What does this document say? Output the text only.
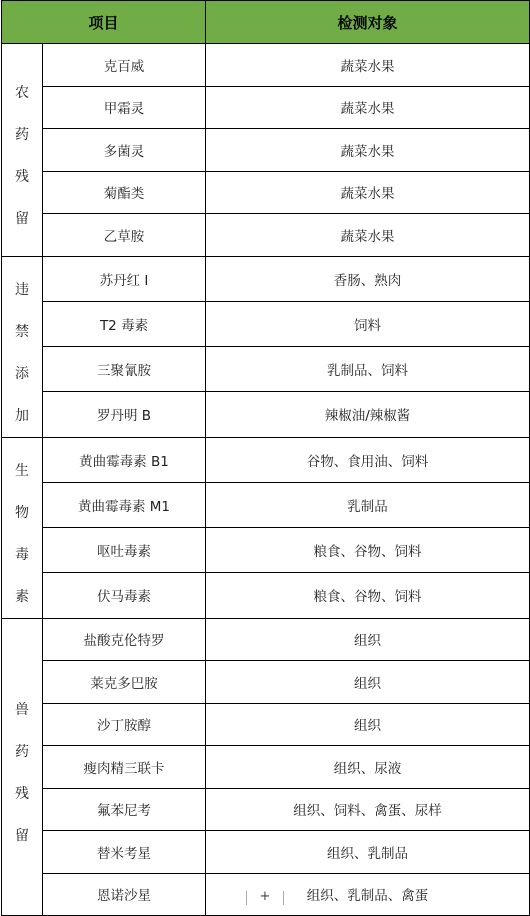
项目		检测对象

农
药
残
留	克百威	蔬菜水果
	甲霜灵	蔬菜水果
	多菌灵	蔬菜水果
	菊酯类	蔬菜水果
	乙草胺	蔬菜水果

违
禁
添
加	苏丹红 I	香肠、熟肉
	T2 毒素	饲料
	三聚氰胺	乳制品、饲料
	罗丹明 B	辣椒油/辣椒酱

生
物
毒
素	黄曲霉毒素 B1	谷物、食用油、饲料
	黄曲霉毒素 M1	乳制品
	呕吐毒素	粮食、谷物、饲料
	伏马毒素	粮食、谷物、饲料

兽
药
残
留	盐酸克伦特罗	组织
	莱克多巴胺	组织
	沙丁胺醇	组织
	瘦肉精三联卡	组织、尿液
	氟苯尼考	组织、饲料、禽蛋、尿样
	替米考星	组织、乳制品
	恩诺沙星	组织、乳制品、禽蛋
+
